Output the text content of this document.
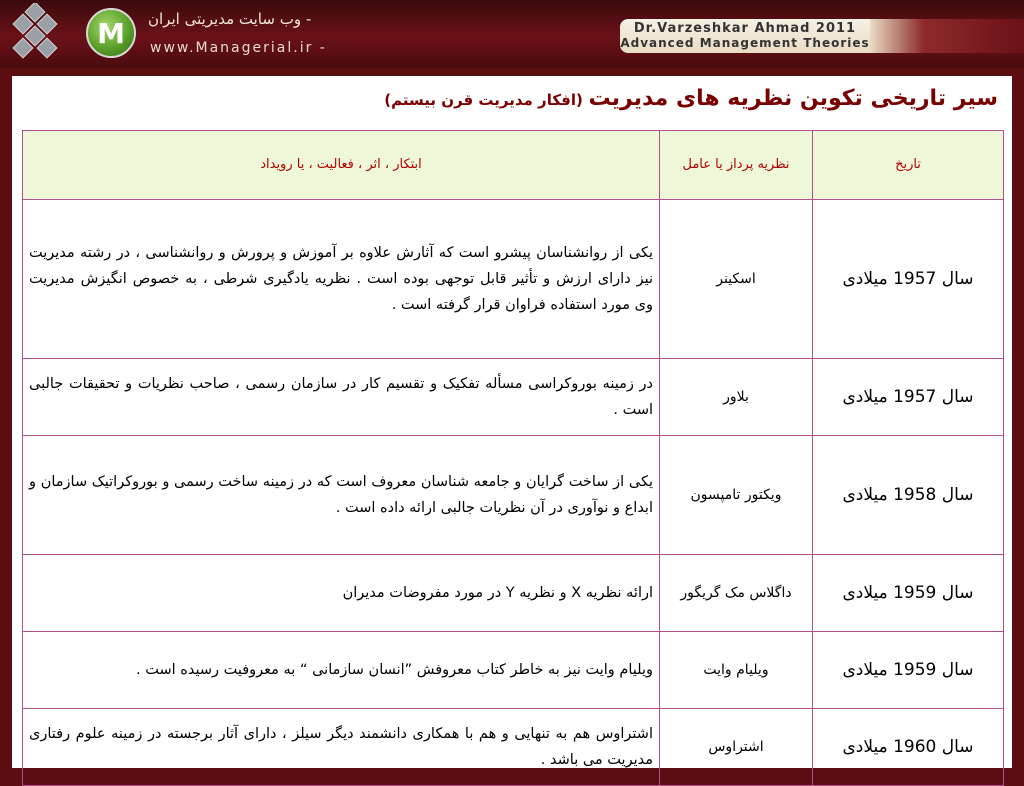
M	- وب سایت مدیریتی ایران
www.Managerial.ir -
Dr.Varzeshkar Ahmad 2011
Advanced Management Theories
سیر تاریخی تکوین نظریه های مدیریت (افکار مدیریت قرن بیستم)
تاریخ	نظریه پرداز یا عامل	ابتکار ، اثر ، فعالیت ، یا رویداد
سال 1957 میلادی	اسکینر	یکی از روانشناسان پیشرو است که آثارش علاوه بر آموزش و پرورش و روانشناسی ، در رشته مدیریت نیز دارای ارزش و تأثیر قابل توجهی بوده است . نظریه یادگیری شرطی ، به خصوص انگیزش مدیریت وی مورد استفاده فراوان قرار گرفته است .
سال 1957 میلادی	بلاور	در زمینه بوروکراسی مسأله تفکیک و تقسیم کار در سازمان رسمی ، صاحب نظریات و تحقیقات جالبی است .
سال 1958 میلادی	ویکتور تامپسون	یکی از ساخت گرایان و جامعه شناسان معروف است که در زمینه ساخت رسمی و بوروکراتیک سازمان و ابداع و نوآوری در آن نظریات جالبی ارائه داده است .
سال 1959 میلادی	داگلاس مک گریگور	ارائه نظریه X و نظریه Y در مورد مفروضات مدیران
سال 1959 میلادی	ویلیام وایت	ویلیام وایت نیز به خاطر کتاب معروفش ”انسان سازمانی “ به معروفیت رسیده است .
سال 1960 میلادی	اشتراوس	اشتراوس هم به تنهایی و هم با همکاری دانشمند دیگر سیلز ، دارای آثار برجسته در زمینه علوم رفتاری مدیریت می باشد .
